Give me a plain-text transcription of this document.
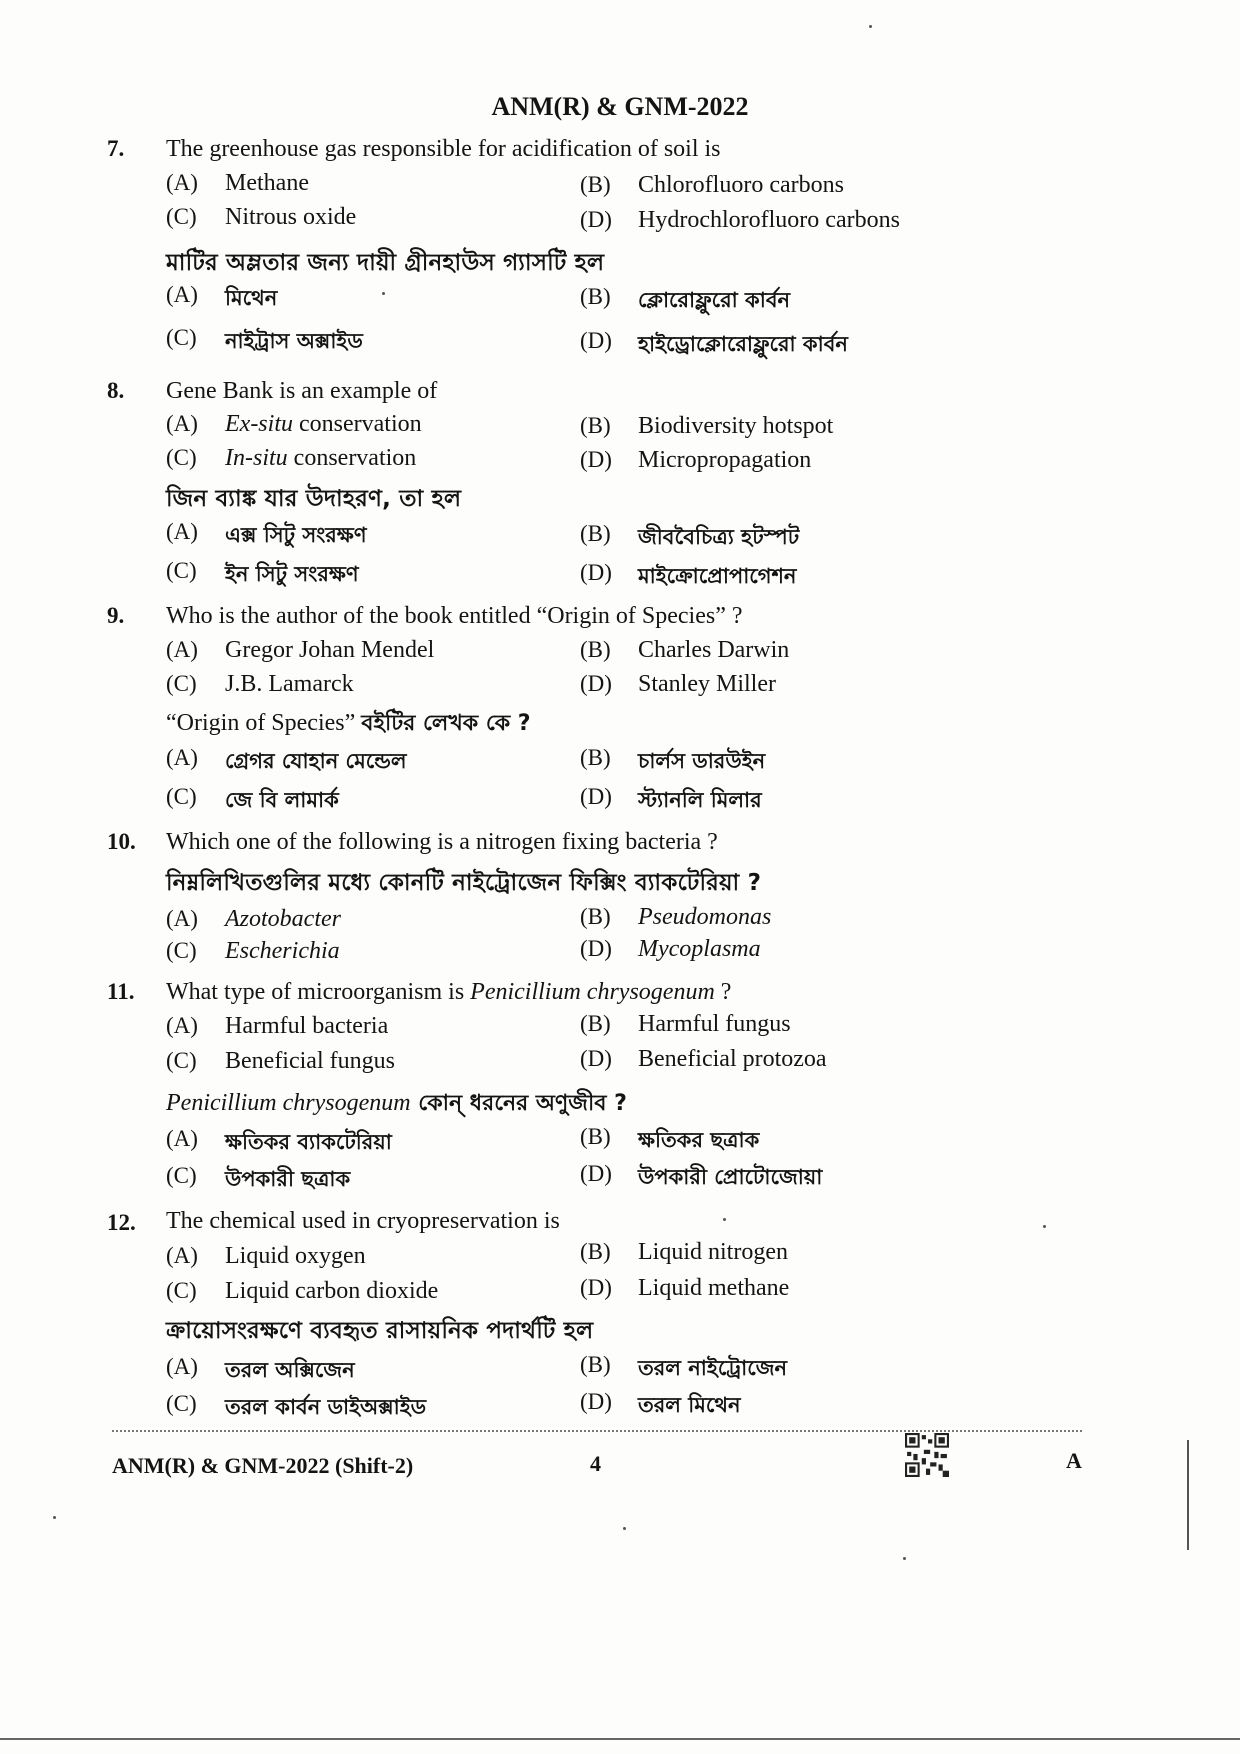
ANM(R) & GNM-2022
7. The greenhouse gas responsible for acidification of soil is
(A) Methane	(B) Chlorofluoro carbons
(C) Nitrous oxide	(D) Hydrochlorofluoro carbons
মাটির অম্লতার জন্য দায়ী গ্রীনহাউস গ্যাসটি হল
(A) মিথেন	(B) ক্লোরোফ্লুরো কার্বন
(C) নাইট্রাস অক্সাইড	(D) হাইড্রোক্লোরোফ্লুরো কার্বন
8. Gene Bank is an example of
(A) Ex-situ conservation	(B) Biodiversity hotspot
(C) In-situ conservation	(D) Micropropagation
জিন ব্যাঙ্ক যার উদাহরণ, তা হল
(A) এক্স সিটু সংরক্ষণ	(B) জীববৈচিত্র্য হটস্পট
(C) ইন সিটু সংরক্ষণ	(D) মাইক্রোপ্রোপাগেশন
9. Who is the author of the book entitled “Origin of Species” ?
(A) Gregor Johan Mendel	(B) Charles Darwin
(C) J.B. Lamarck	(D) Stanley Miller
“Origin of Species” বইটির লেখক কে ?
(A) গ্রেগর যোহান মেন্ডেল	(B) চার্লস ডারউইন
(C) জে বি লামার্ক	(D) স্ট্যানলি মিলার
10. Which one of the following is a nitrogen fixing bacteria ?
নিম্নলিখিতগুলির মধ্যে কোনটি নাইট্রোজেন ফিক্সিং ব্যাকটেরিয়া ?
(A) Azotobacter	(B) Pseudomonas
(C) Escherichia	(D) Mycoplasma
11. What type of microorganism is Penicillium chrysogenum ?
(A) Harmful bacteria	(B) Harmful fungus
(C) Beneficial fungus	(D) Beneficial protozoa
Penicillium chrysogenum কোন্ ধরনের অণুজীব ?
(A) ক্ষতিকর ব্যাকটেরিয়া	(B) ক্ষতিকর ছত্রাক
(C) উপকারী ছত্রাক	(D) উপকারী প্রোটোজোয়া
12. The chemical used in cryopreservation is
(A) Liquid oxygen	(B) Liquid nitrogen
(C) Liquid carbon dioxide	(D) Liquid methane
ক্রায়োসংরক্ষণে ব্যবহৃত রাসায়নিক পদার্থটি হল
(A) তরল অক্সিজেন	(B) তরল নাইট্রোজেন
(C) তরল কার্বন ডাইঅক্সাইড	(D) তরল মিথেন
ANM(R) & GNM-2022 (Shift-2)	4	A
